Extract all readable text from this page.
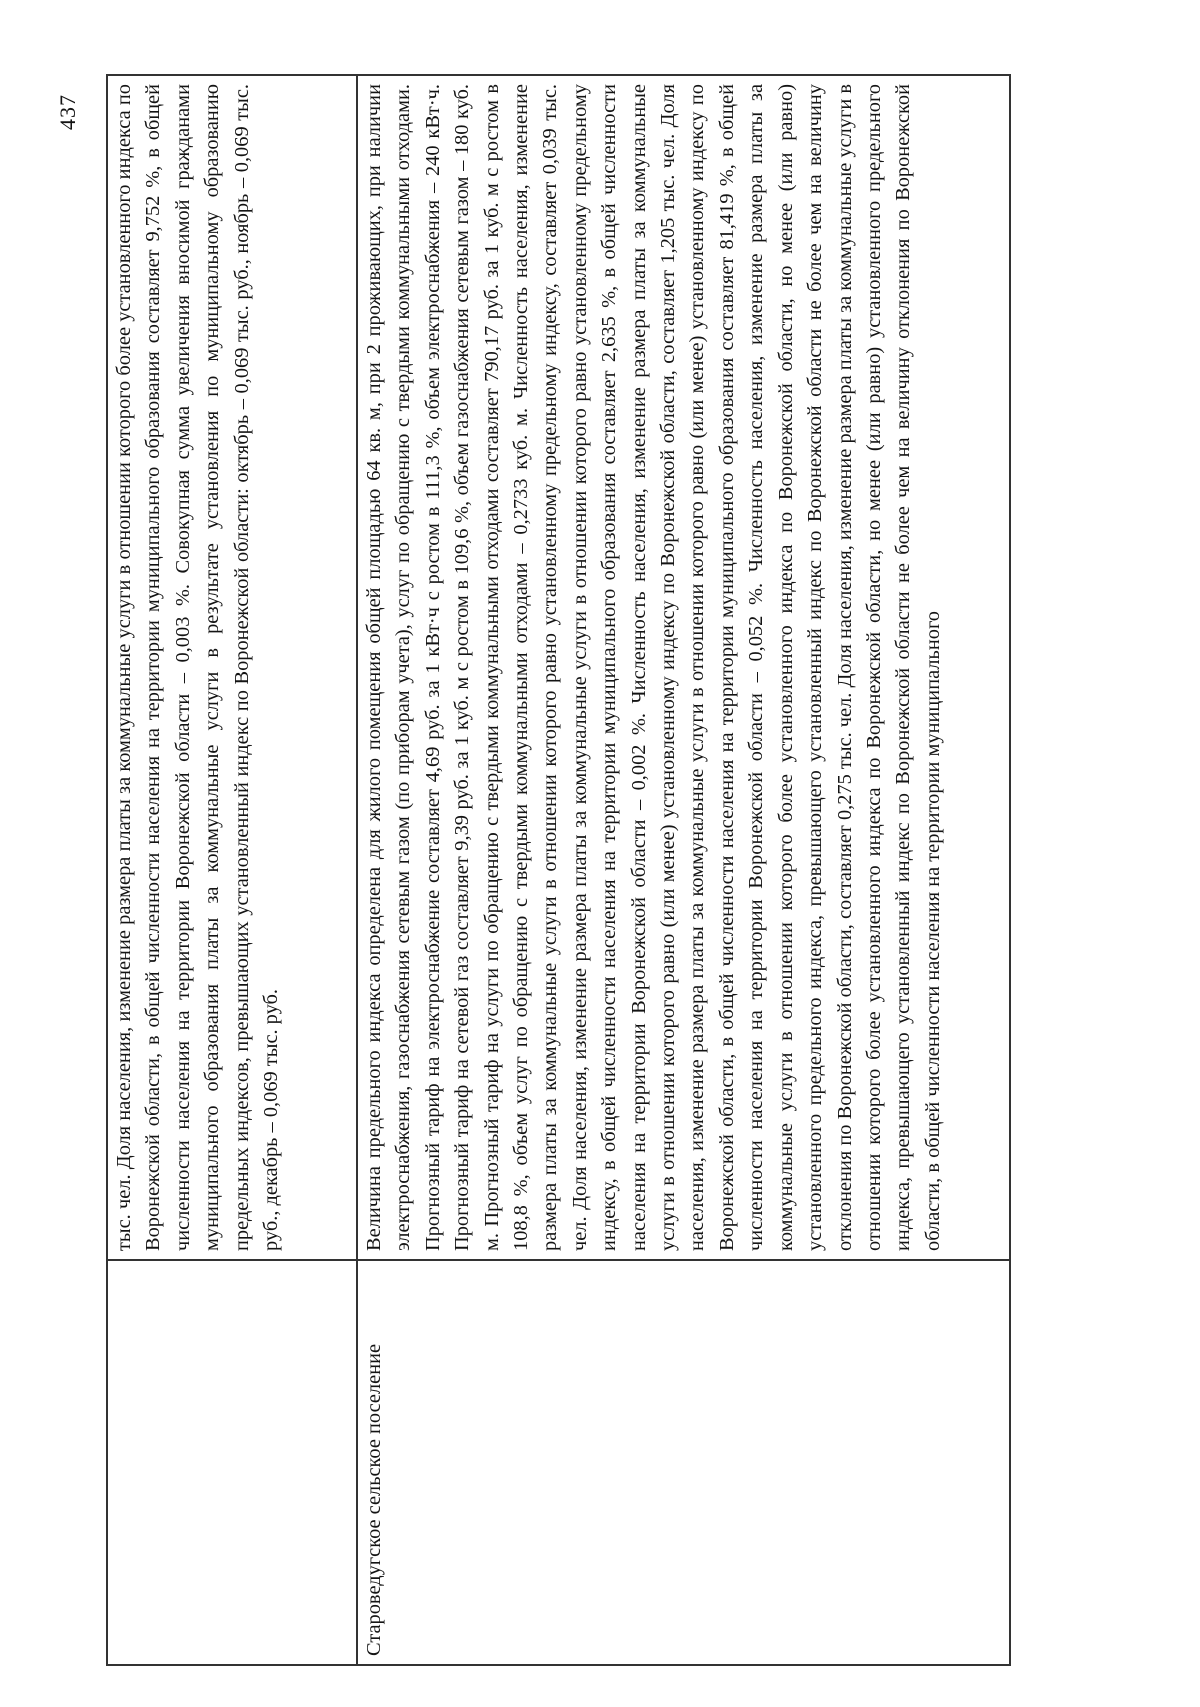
437
		тыс. чел. Доля населения, изменение размера платы за коммунальные услуги в отношении которого более установленного индекса по Воронежской области, в общей численности населения на территории муниципального образования составляет 9,752 %, в общей численности населения на территории Воронежской области – 0,003 %. Совокупная сумма увеличения вносимой гражданами муниципального образования платы за коммунальные услуги в результате установления по муниципальному образованию предельных индексов, превышающих установленный индекс по Воронежской области: октябрь – 0,069 тыс. руб., ноябрь – 0,069 тыс. руб., декабрь – 0,069 тыс. руб.
Староведугское сельское поселение	Величина предельного индекса определена для жилого помещения общей площадью 64 кв. м, при 2 проживающих, при наличии электроснабжения, газоснабжения сетевым газом (по приборам учета), услуг по обращению с твердыми коммунальными отходами. Прогнозный тариф на электроснабжение составляет 4,69 руб. за 1 кВт·ч с ростом в 111,3 %, объем электроснабжения – 240 кВт·ч. Прогнозный тариф на сетевой газ составляет 9,39 руб. за 1 куб. м с ростом в 109,6 %, объем газоснабжения сетевым газом – 180 куб. м. Прогнозный тариф на услуги по обращению с твердыми коммунальными отходами составляет 790,17 руб. за 1 куб. м с ростом в 108,8 %, объем услуг по обращению с твердыми коммунальными отходами – 0,2733 куб. м. Численность населения, изменение размера платы за коммунальные услуги в отношении которого равно установленному предельному индексу, составляет 0,039 тыс. чел. Доля населения, изменение размера платы за коммунальные услуги в отношении которого равно установленному предельному индексу, в общей численности населения на территории муниципального образования составляет 2,635 %, в общей численности населения на территории Воронежской области – 0,002 %. Численность населения, изменение размера платы за коммунальные услуги в отношении которого равно (или менее) установленному индексу по Воронежской области, составляет 1,205 тыс. чел. Доля населения, изменение размера платы за коммунальные услуги в отношении которого равно (или менее) установленному индексу по Воронежской области, в общей численности населения на территории муниципального образования составляет 81,419 %, в общей численности населения на территории Воронежской области – 0,052 %. Численность населения, изменение размера платы за коммунальные услуги в отношении которого более установленного индекса по Воронежской области, но менее (или равно) установленного предельного индекса, превышающего установленный индекс по Воронежской области не более чем на величину отклонения по Воронежской области, составляет 0,275 тыс. чел. Доля населения, изменение размера платы за коммунальные услуги в отношении которого более установленного индекса по Воронежской области, но менее (или равно) установленного предельного индекса, превышающего установленный индекс по Воронежской области не более чем на величину отклонения по Воронежской области, в общей численности населения на территории муниципального
